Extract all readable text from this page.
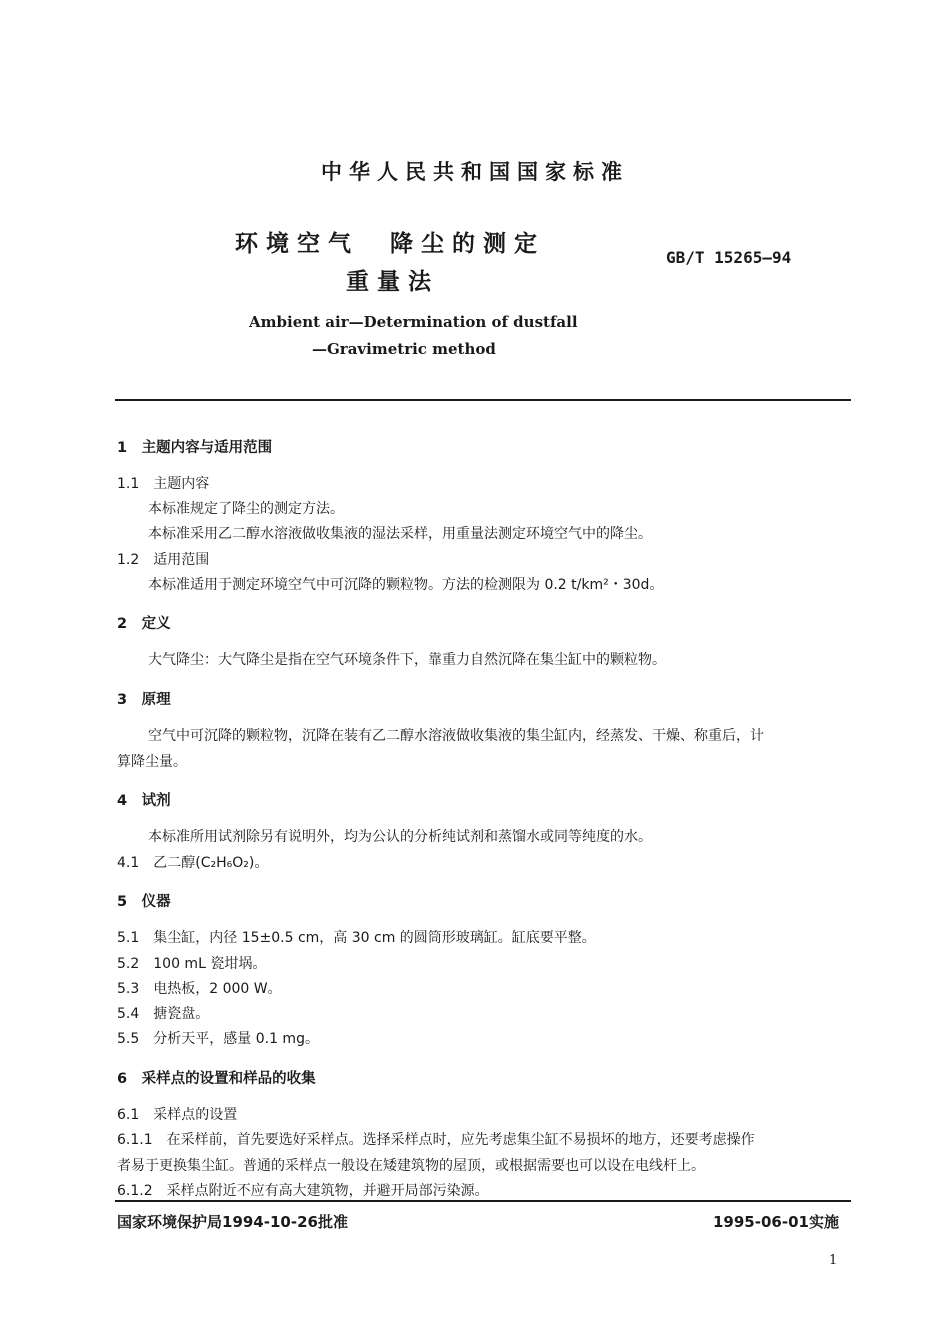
中华人民共和国国家标准
环境空气　降尘的测定
重量法
GB/T 15265—94
Ambient air—Determination of dustfall
—Gravimetric method
1　主题内容与适用范围
1.1　主题内容
本标准规定了降尘的测定方法。
本标准采用乙二醇水溶液做收集液的湿法采样，用重量法测定环境空气中的降尘。
1.2　适用范围
本标准适用于测定环境空气中可沉降的颗粒物。方法的检测限为 0.2 t/km²・30d。
2　定义
大气降尘：大气降尘是指在空气环境条件下，靠重力自然沉降在集尘缸中的颗粒物。
3　原理
空气中可沉降的颗粒物，沉降在装有乙二醇水溶液做收集液的集尘缸内，经蒸发、干燥、称重后，计
算降尘量。
4　试剂
本标准所用试剂除另有说明外，均为公认的分析纯试剂和蒸馏水或同等纯度的水。
4.1　乙二醇(C₂H₆O₂)。
5　仪器
5.1　集尘缸，内径 15±0.5 cm，高 30 cm 的圆筒形玻璃缸。缸底要平整。
5.2　100 mL 瓷坩埚。
5.3　电热板，2 000 W。
5.4　搪瓷盘。
5.5　分析天平，感量 0.1 mg。
6　采样点的设置和样品的收集
6.1　采样点的设置
6.1.1　在采样前，首先要选好采样点。选择采样点时，应先考虑集尘缸不易损坏的地方，还要考虑操作
者易于更换集尘缸。普通的采样点一般设在矮建筑物的屋顶，或根据需要也可以设在电线杆上。
6.1.2　采样点附近不应有高大建筑物，并避开局部污染源。
国家环境保护局1994-10-26批准	1995-06-01实施
1
